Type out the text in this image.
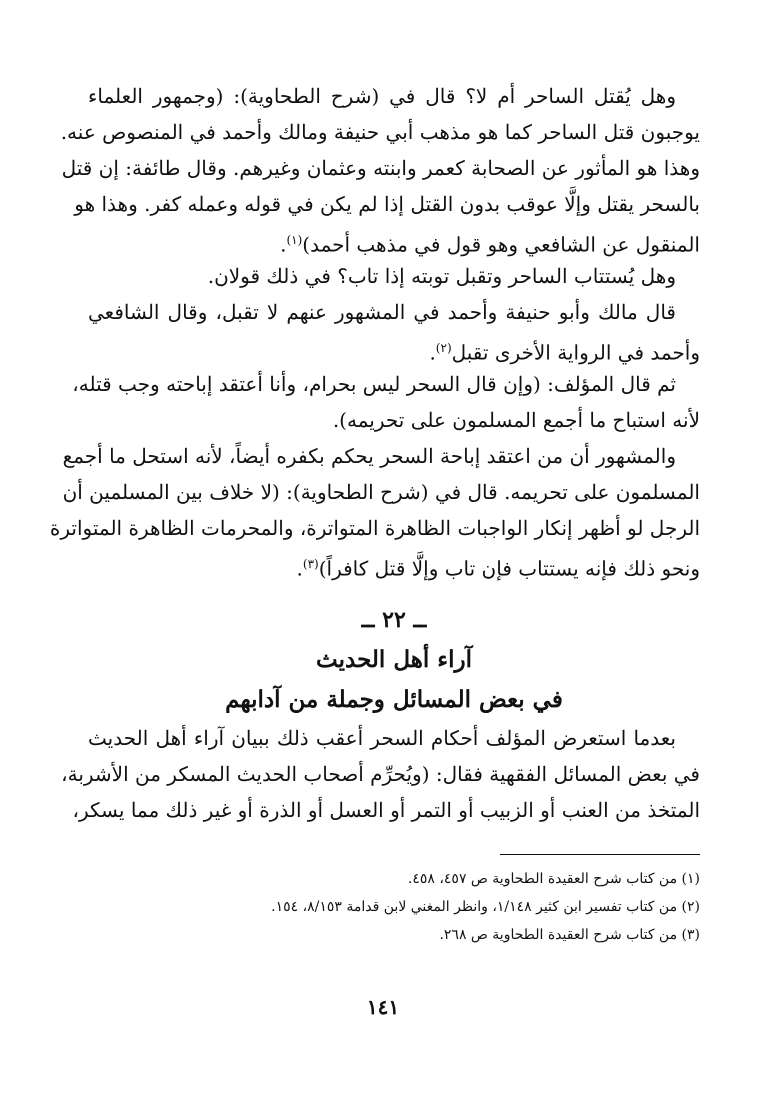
وهل يُقتل الساحر أم لا؟ قال في (شرح الطحاوية): (وجمهور العلماء
يوجبون قتل الساحر كما هو مذهب أبي حنيفة ومالك وأحمد في المنصوص عنه.
وهذا هو المأثور عن الصحابة كعمر وابنته وعثمان وغيرهم. وقال طائفة: إن قتل
بالسحر يقتل وإلَّا عوقب بدون القتل إذا لم يكن في قوله وعمله كفر. وهذا هو
المنقول عن الشافعي وهو قول في مذهب أحمد)$^{(١)}$.
وهل يُستتاب الساحر وتقبل توبته إذا تاب؟ في ذلك قولان.
قال مالك وأبو حنيفة وأحمد في المشهور عنهم لا تقبل، وقال الشافعي
وأحمد في الرواية الأخرى تقبل$^{(٢)}$.
ثم قال المؤلف: (وإن قال السحر ليس بحرام، وأنا أعتقد إباحته وجب قتله،
لأنه استباح ما أجمع المسلمون على تحريمه).
والمشهور أن من اعتقد إباحة السحر يحكم بكفره أيضاً، لأنه استحل ما أجمع
المسلمون على تحريمه. قال في (شرح الطحاوية): (لا خلاف بين المسلمين أن
الرجل لو أظهر إنكار الواجبات الظاهرة المتواترة، والمحرمات الظاهرة المتواترة
ونحو ذلك فإنه يستتاب فإن تاب وإلَّا قتل كافراً)$^{(٣)}$.
ــ ٢٢ ــ
آراء أهل الحديث
في بعض المسائل وجملة من آدابهم
بعدما استعرض المؤلف أحكام السحر أعقب ذلك ببيان آراء أهل الحديث
في بعض المسائل الفقهية فقال: (ويُحرِّم أصحاب الحديث المسكر من الأشربة،
المتخذ من العنب أو الزبيب أو التمر أو العسل أو الذرة أو غير ذلك مما يسكر،
(١) من كتاب شرح العقيدة الطحاوية ص ٤٥٧، ٤٥٨.
(٢) من كتاب تفسير ابن كثير ١/١٤٨، وانظر المغني لابن قدامة ٨/١٥٣، ١٥٤.
(٣) من كتاب شرح العقيدة الطحاوية ص ٢٦٨.
١٤١
